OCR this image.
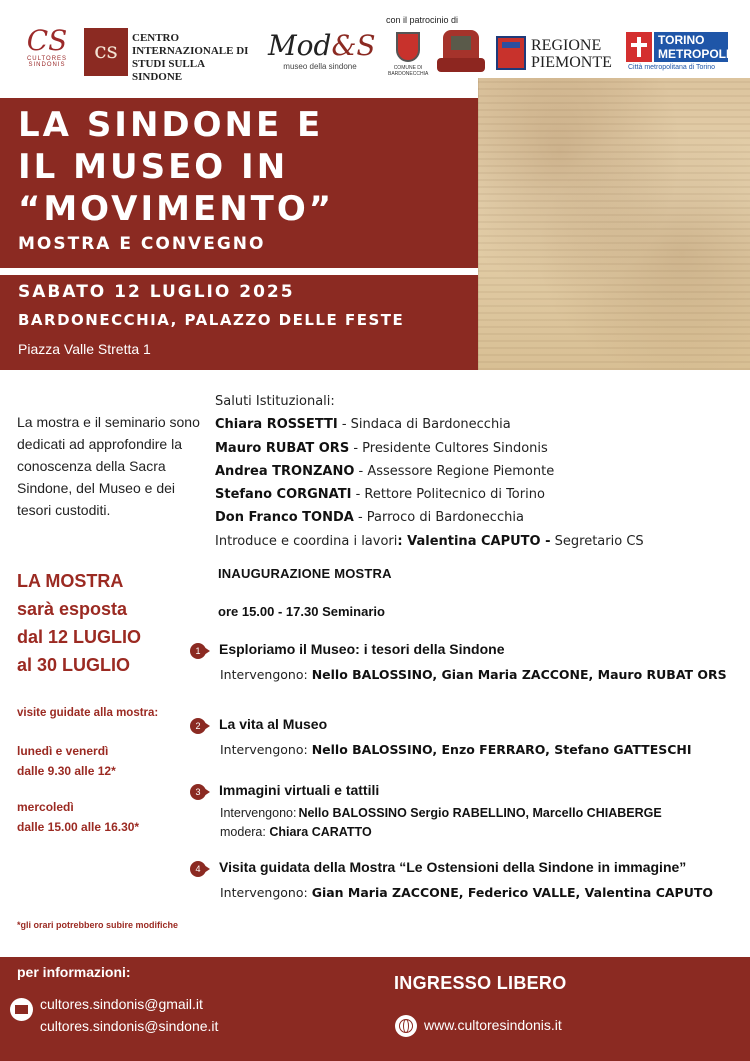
CS
CULTORES SINDONIS
cs
CENTRO
INTERNAZIONALE DI
STUDI SULLA SINDONE
Mod&S
museo della sindone
con il patrocinio di
COMUNE DI BARDONECCHIA
REGIONE
PIEMONTE
TORINO
METROPOLI
Città metropolitana di Torino
LA SINDONE E
IL MUSEO IN
“MOVIMENTO”
MOSTRA E CONVEGNO
SABATO 12 LUGLIO 2025
BARDONECCHIA, PALAZZO DELLE FESTE
Piazza Valle Stretta 1
La mostra e il seminario sono dedicati ad approfondire la conoscenza della Sacra Sindone, del Museo e dei tesori custoditi.
LA MOSTRA
sarà esposta
dal 12 LUGLIO
al 30 LUGLIO
visite guidate alla mostra:
lunedì e venerdì
dalle 9.30 alle 12*
mercoledì
dalle 15.00 alle 16.30*
*gli orari potrebbero subire modifiche
Saluti Istituzionali:
Chiara ROSSETTI - Sindaca di Bardonecchia
Mauro RUBAT ORS - Presidente Cultores Sindonis
Andrea TRONZANO - Assessore Regione Piemonte
Stefano CORGNATI - Rettore Politecnico di Torino
Don Franco TONDA - Parroco di Bardonecchia
Introduce e coordina i lavori: Valentina CAPUTO - Segretario CS
INAUGURAZIONE MOSTRA
ore 15.00 - 17.30 Seminario
1	Esploriamo il Museo: i tesori della Sindone
Intervengono: Nello BALOSSINO, Gian Maria ZACCONE, Mauro RUBAT ORS
2	La vita al Museo
Intervengono: Nello BALOSSINO, Enzo FERRARO, Stefano GATTESCHI
3	Immagini virtuali e tattili
Intervengono: Nello BALOSSINO Sergio RABELLINO, Marcello CHIABERGE
modera: Chiara CARATTO
4	Visita guidata della Mostra “Le Ostensioni della Sindone in immagine”
Intervengono: Gian Maria ZACCONE, Federico VALLE, Valentina CAPUTO
per informazioni:
cultores.sindonis@gmail.it
cultores.sindonis@sindone.it
INGRESSO LIBERO
www.cultoresindonis.it
